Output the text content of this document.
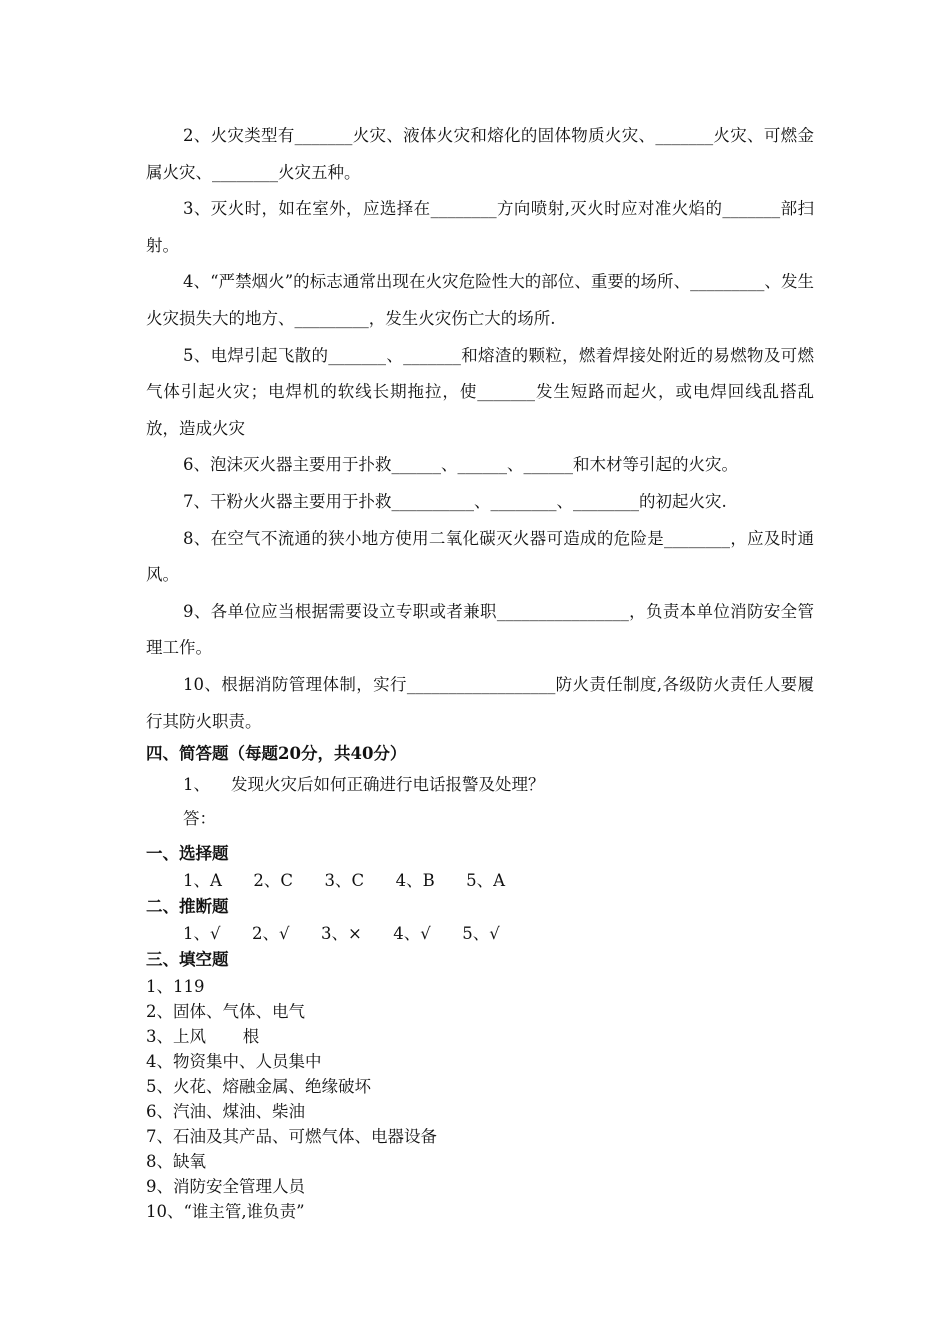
2、火灾类型有_______火灾、液体火灾和熔化的固体物质火灾、_______火灾、可燃金属火灾、________火灾五种。

3、灭火时，如在室外，应选择在________方向喷射,灭火时应对准火焰的_______部扫射。

4、“严禁烟火”的标志通常出现在火灾危险性大的部位、重要的场所、_________、发生火灾损失大的地方、_________，发生火灾伤亡大的场所.

5、电焊引起飞散的_______、_______和熔渣的颗粒，燃着焊接处附近的易燃物及可燃气体引起火灾；电焊机的软线长期拖拉，使_______发生短路而起火，或电焊回线乱搭乱放，造成火灾

6、泡沫灭火器主要用于扑救______、______、______和木材等引起的火灾。

7、干粉火火器主要用于扑救__________、________、________的初起火灾.

8、在空气不流通的狭小地方使用二氧化碳灭火器可造成的危险是________，应及时通风。

9、各单位应当根据需要设立专职或者兼职________________，负责本单位消防安全管理工作。

10、根据消防管理体制，实行__________________防火责任制度,各级防火责任人要履行其防火职责。

四、简答题（每题20分，共40分）

1、    发现火灾后如何正确进行电话报警及处理？

答：

一、选择题

1、A      2、C      3、C      4、B      5、A

二、推断题

1、√      2、√      3、×      4、√      5、√

三、填空题

1、119

2、固体、气体、电气

3、上风       根

4、物资集中、人员集中

5、火花、熔融金属、绝缘破坏

6、汽油、煤油、柴油

7、石油及其产品、可燃气体、电器设备

8、缺氧

9、消防安全管理人员

10、“谁主管,谁负责”
